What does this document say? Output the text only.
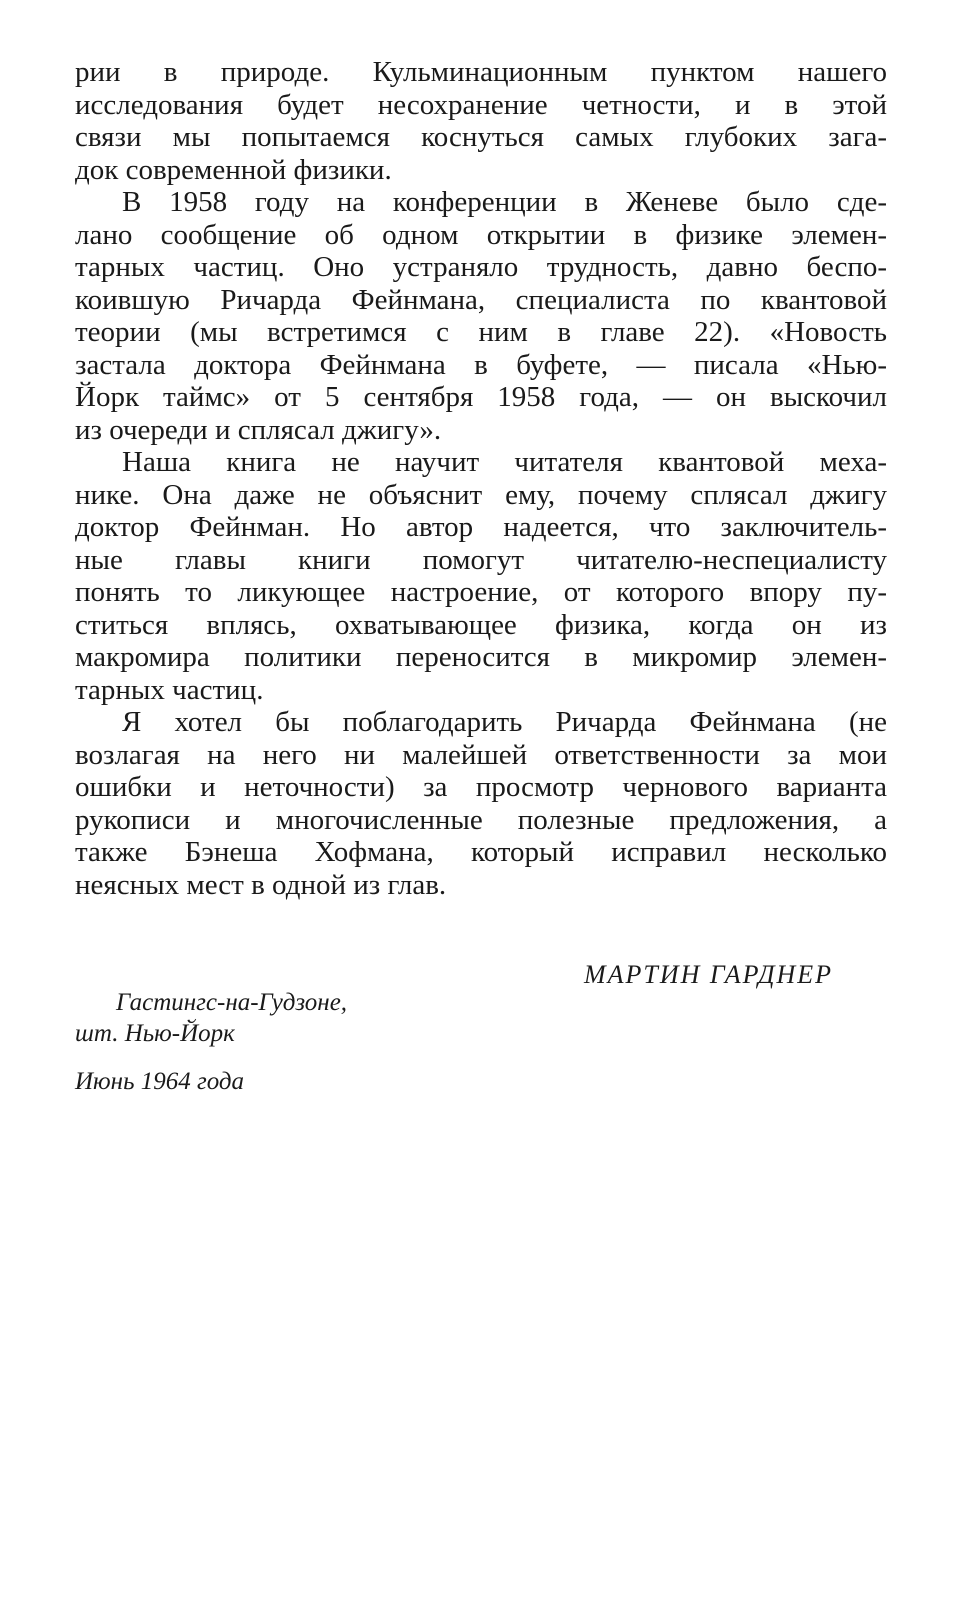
рии в природе. Кульминационным пунктом нашего
исследования будет несохранение четности, и в этой
связи мы попытаемся коснуться самых глубоких зага-
док современной физики.
В 1958 году на конференции в Женеве было сде-
лано сообщение об одном открытии в физике элемен-
тарных частиц. Оно устраняло трудность, давно беспо-
коившую Ричарда Фейнмана, специалиста по квантовой
теории (мы встретимся с ним в главе 22). «Новость
застала доктора Фейнмана в буфете, — писала «Нью-
Йорк таймс» от 5 сентября 1958 года, — он выскочил
из очереди и сплясал джигу».
Наша книга не научит читателя квантовой меха-
нике. Она даже не объяснит ему, почему сплясал джигу
доктор Фейнман. Но автор надеется, что заключитель-
ные главы книги помогут читателю-неспециалисту
понять то ликующее настроение, от которого впору пу-
ститься вплясь, охватывающее физика, когда он из
макромира политики переносится в микромир элемен-
тарных частиц.
Я хотел бы поблагодарить Ричарда Фейнмана (не
возлагая на него ни малейшей ответственности за мои
ошибки и неточности) за просмотр чернового варианта
рукописи и многочисленные полезные предложения, а
также Бэнеша Хофмана, который исправил несколько
неясных мест в одной из глав.
МАРТИН ГАРДНЕР
Гастингс-на-Гудзоне,
шт. Нью-Йорк
Июнь 1964 года
